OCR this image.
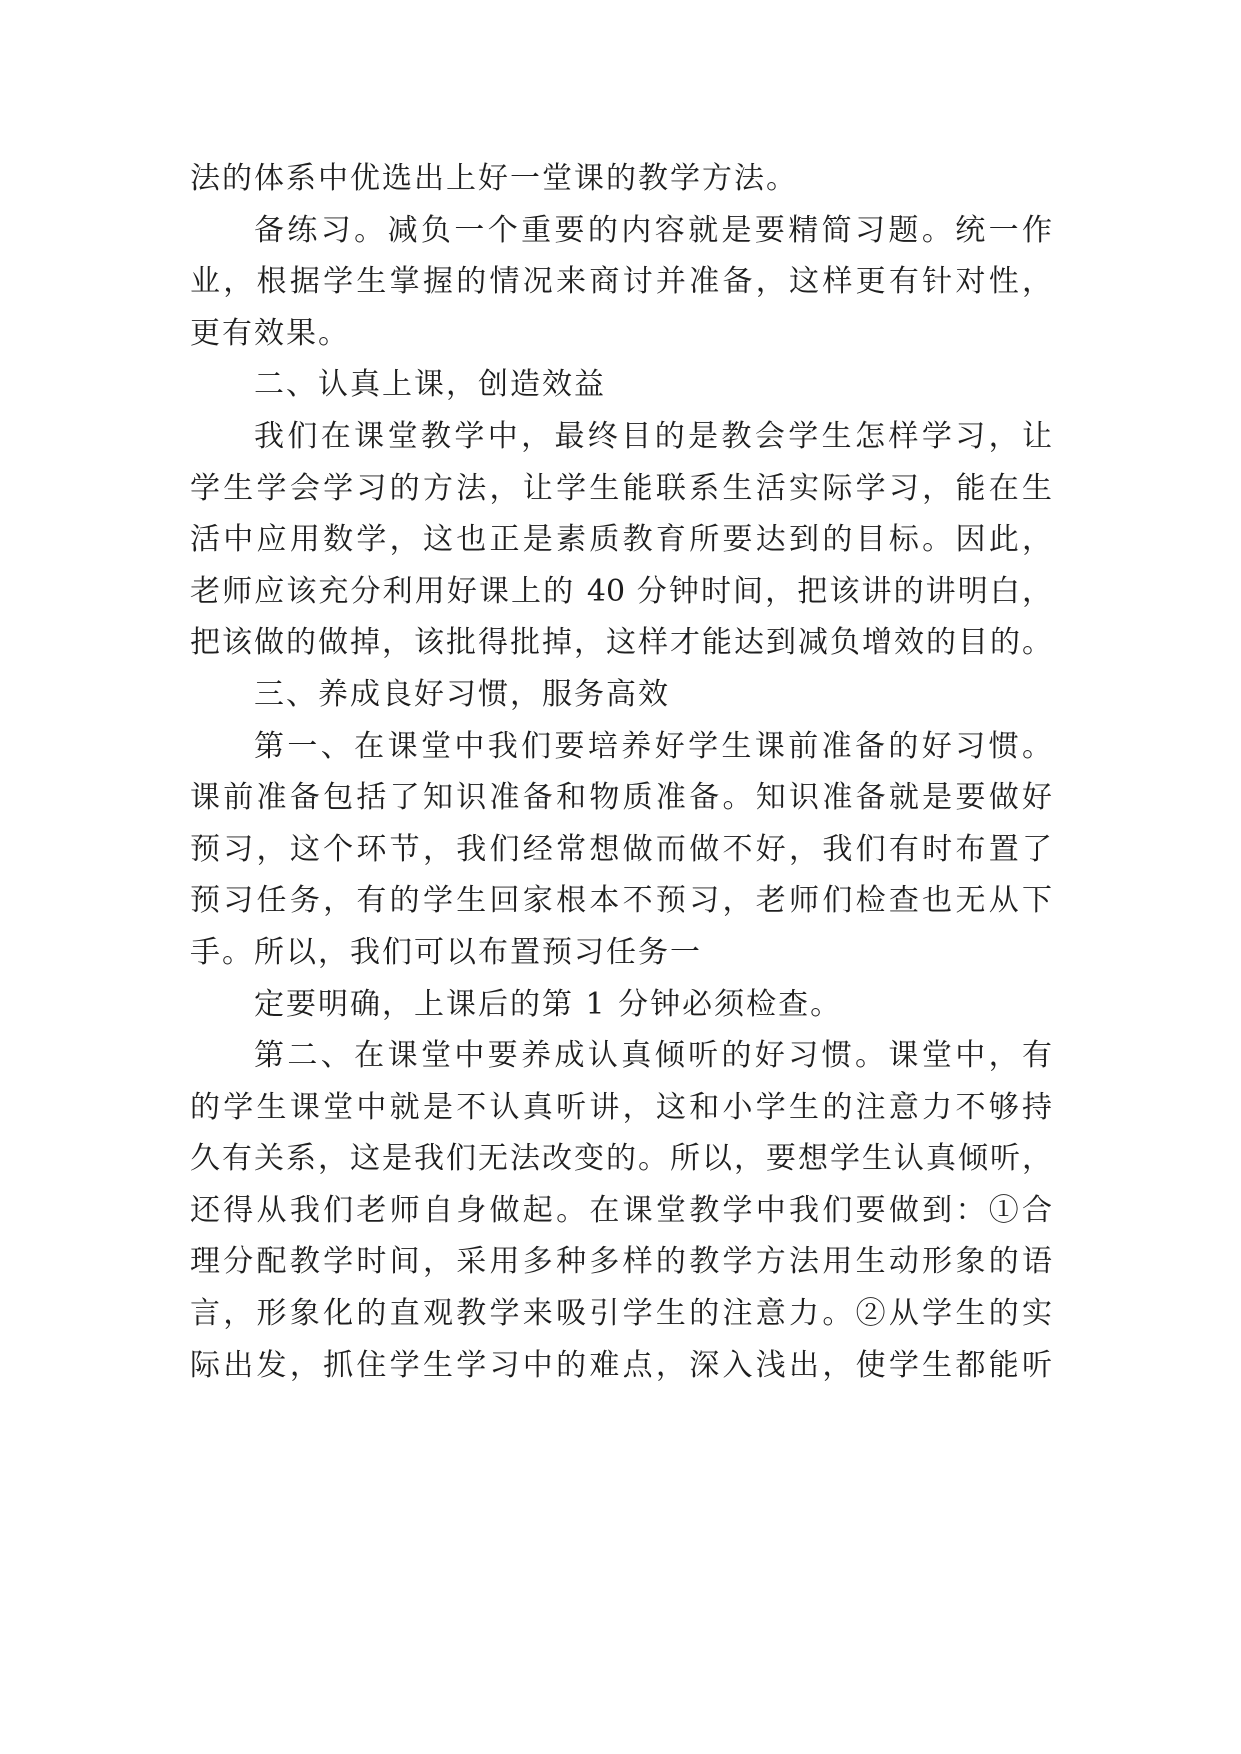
法的体系中优选出上好一堂课的教学方法。
备练习。减负一个重要的内容就是要精简习题。统一作
业，根据学生掌握的情况来商讨并准备，这样更有针对性，
更有效果。
二、认真上课，创造效益
我们在课堂教学中，最终目的是教会学生怎样学习，让
学生学会学习的方法，让学生能联系生活实际学习，能在生
活中应用数学，这也正是素质教育所要达到的目标。因此，
老师应该充分利用好课上的 40 分钟时间，把该讲的讲明白，
把该做的做掉，该批得批掉，这样才能达到减负增效的目的。
三、养成良好习惯，服务高效
第一、在课堂中我们要培养好学生课前准备的好习惯。
课前准备包括了知识准备和物质准备。知识准备就是要做好
预习，这个环节，我们经常想做而做不好，我们有时布置了
预习任务，有的学生回家根本不预习，老师们检查也无从下
手。所以，我们可以布置预习任务一
定要明确，上课后的第 1 分钟必须检查。
第二、在课堂中要养成认真倾听的好习惯。课堂中，有
的学生课堂中就是不认真听讲，这和小学生的注意力不够持
久有关系，这是我们无法改变的。所以，要想学生认真倾听，
还得从我们老师自身做起。在课堂教学中我们要做到：①合
理分配教学时间，采用多种多样的教学方法用生动形象的语
言，形象化的直观教学来吸引学生的注意力。②从学生的实
际出发，抓住学生学习中的难点，深入浅出，使学生都能听
